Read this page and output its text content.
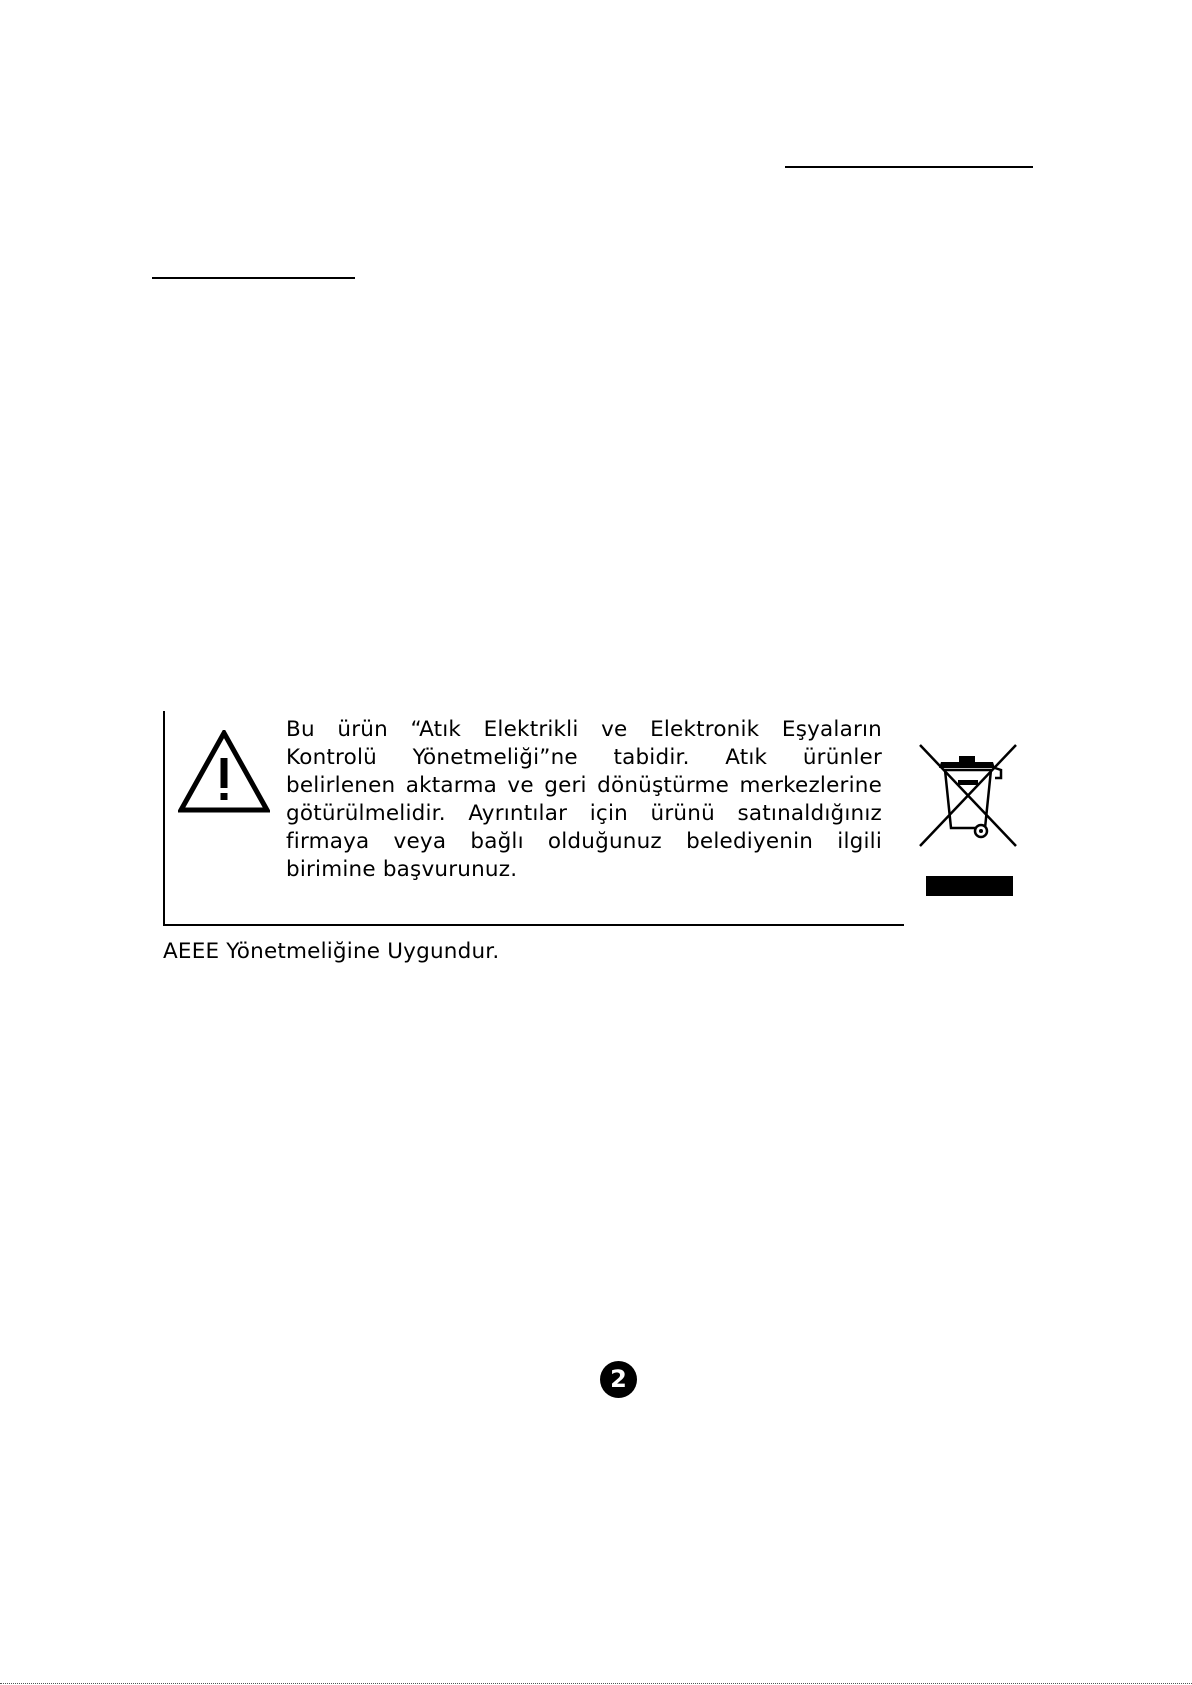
Bu ürün “Atık Elektrikli ve Elektronik Eşyaların Kontrolü Yönetmeliği”ne tabidir. Atık ürünler belirlenen aktarma ve geri dönüştürme merkezlerine götürülmelidir. Ayrıntılar için ürünü satınaldığınız firmaya veya bağlı olduğunuz belediyenin ilgili birimine başvurunuz.
AEEE Yönetmeliğine Uygundur.
2
